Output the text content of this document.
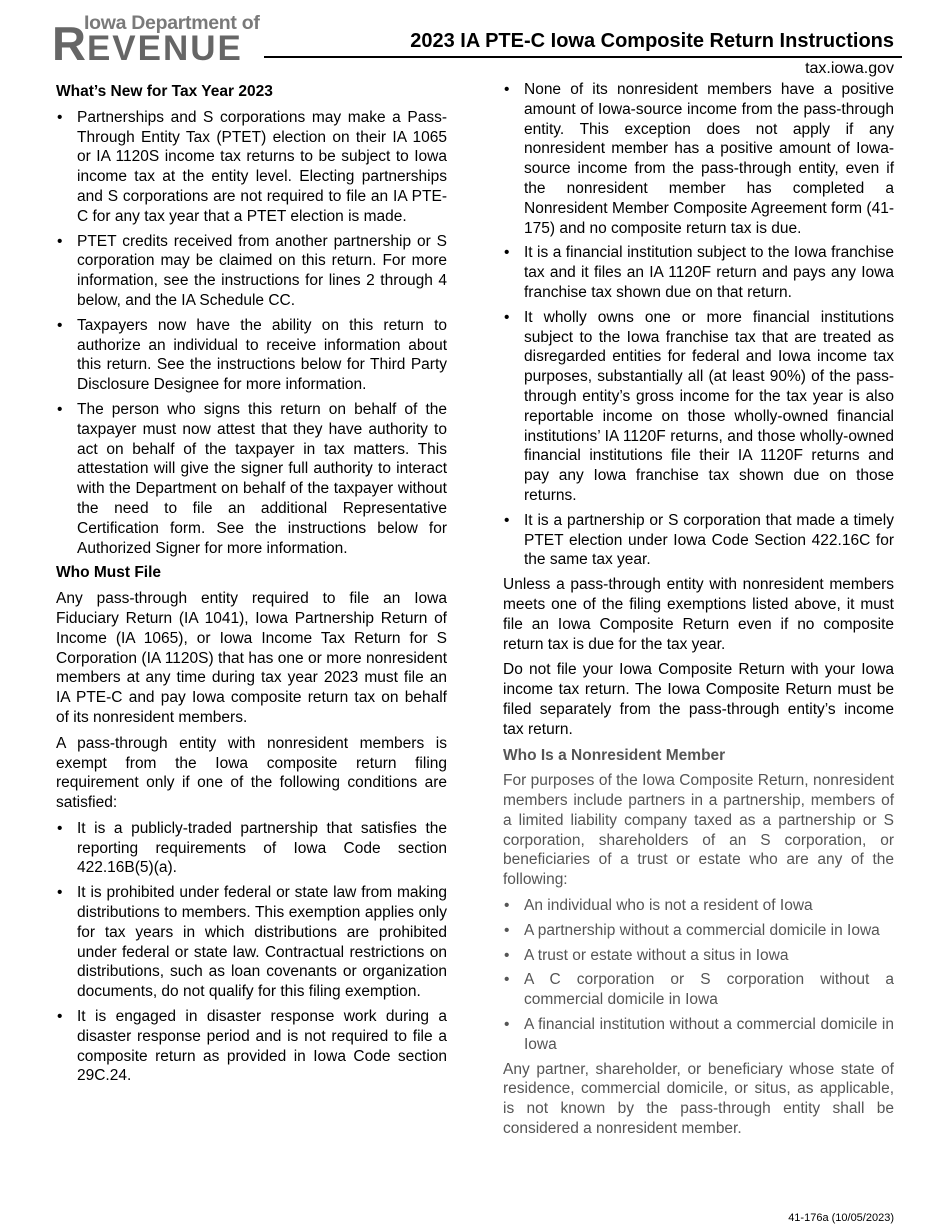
Iowa Department of
REVENUE	2023 IA PTE-C Iowa Composite Return Instructions
tax.iowa.gov
What’s New for Tax Year 2023
• Partnerships and S corporations may make a Pass-Through Entity Tax (PTET) election on their IA 1065 or IA 1120S income tax returns to be subject to Iowa income tax at the entity level. Electing partnerships and S corporations are not required to file an IA PTE-C for any tax year that a PTET election is made.
• PTET credits received from another partnership or S corporation may be claimed on this return. For more information, see the instructions for lines 2 through 4 below, and the IA Schedule CC.
• Taxpayers now have the ability on this return to authorize an individual to receive information about this return. See the instructions below for Third Party Disclosure Designee for more information.
• The person who signs this return on behalf of the taxpayer must now attest that they have authority to act on behalf of the taxpayer in tax matters. This attestation will give the signer full authority to interact with the Department on behalf of the taxpayer without the need to file an additional Representative Certification form. See the instructions below for Authorized Signer for more information.
Who Must File

Any pass-through entity required to file an Iowa Fiduciary Return (IA 1041), Iowa Partnership Return of Income (IA 1065), or Iowa Income Tax Return for S Corporation (IA 1120S) that has one or more nonresident members at any time during tax year 2023 must file an IA PTE-C and pay Iowa composite return tax on behalf of its nonresident members.

A pass-through entity with nonresident members is exempt from the Iowa composite return filing requirement only if one of the following conditions are satisfied:

• It is a publicly-traded partnership that satisfies the reporting requirements of Iowa Code section 422.16B(5)(a).
• It is prohibited under federal or state law from making distributions to members. This exemption applies only for tax years in which distributions are prohibited under federal or state law. Contractual restrictions on distributions, such as loan covenants or organization documents, do not qualify for this filing exemption.
• It is engaged in disaster response work during a disaster response period and is not required to file a composite return as provided in Iowa Code section 29C.24.
• None of its nonresident members have a positive amount of Iowa-source income from the pass-through entity. This exception does not apply if any nonresident member has a positive amount of Iowa-source income from the pass-through entity, even if the nonresident member has completed a Nonresident Member Composite Agreement form (41-175) and no composite return tax is due.
• It is a financial institution subject to the Iowa franchise tax and it files an IA 1120F return and pays any Iowa franchise tax shown due on that return.
• It wholly owns one or more financial institutions subject to the Iowa franchise tax that are treated as disregarded entities for federal and Iowa income tax purposes, substantially all (at least 90%) of the pass-through entity’s gross income for the tax year is also reportable income on those wholly-owned financial institutions’ IA 1120F returns, and those wholly-owned financial institutions file their IA 1120F returns and pay any Iowa franchise tax shown due on those returns.
• It is a partnership or S corporation that made a timely PTET election under Iowa Code Section 422.16C for the same tax year.

Unless a pass-through entity with nonresident members meets one of the filing exemptions listed above, it must file an Iowa Composite Return even if no composite return tax is due for the tax year.

Do not file your Iowa Composite Return with your Iowa income tax return. The Iowa Composite Return must be filed separately from the pass-through entity’s income tax return.

Who Is a Nonresident Member

For purposes of the Iowa Composite Return, nonresident members include partners in a partnership, members of a limited liability company taxed as a partnership or S corporation, shareholders of an S corporation, or beneficiaries of a trust or estate who are any of the following:

• An individual who is not a resident of Iowa
• A partnership without a commercial domicile in Iowa
• A trust or estate without a situs in Iowa
• A C corporation or S corporation without a commercial domicile in Iowa
• A financial institution without a commercial domicile in Iowa

Any partner, shareholder, or beneficiary whose state of residence, commercial domicile, or situs, as applicable, is not known by the pass-through entity shall be considered a nonresident member.

41-176a (10/05/2023)
